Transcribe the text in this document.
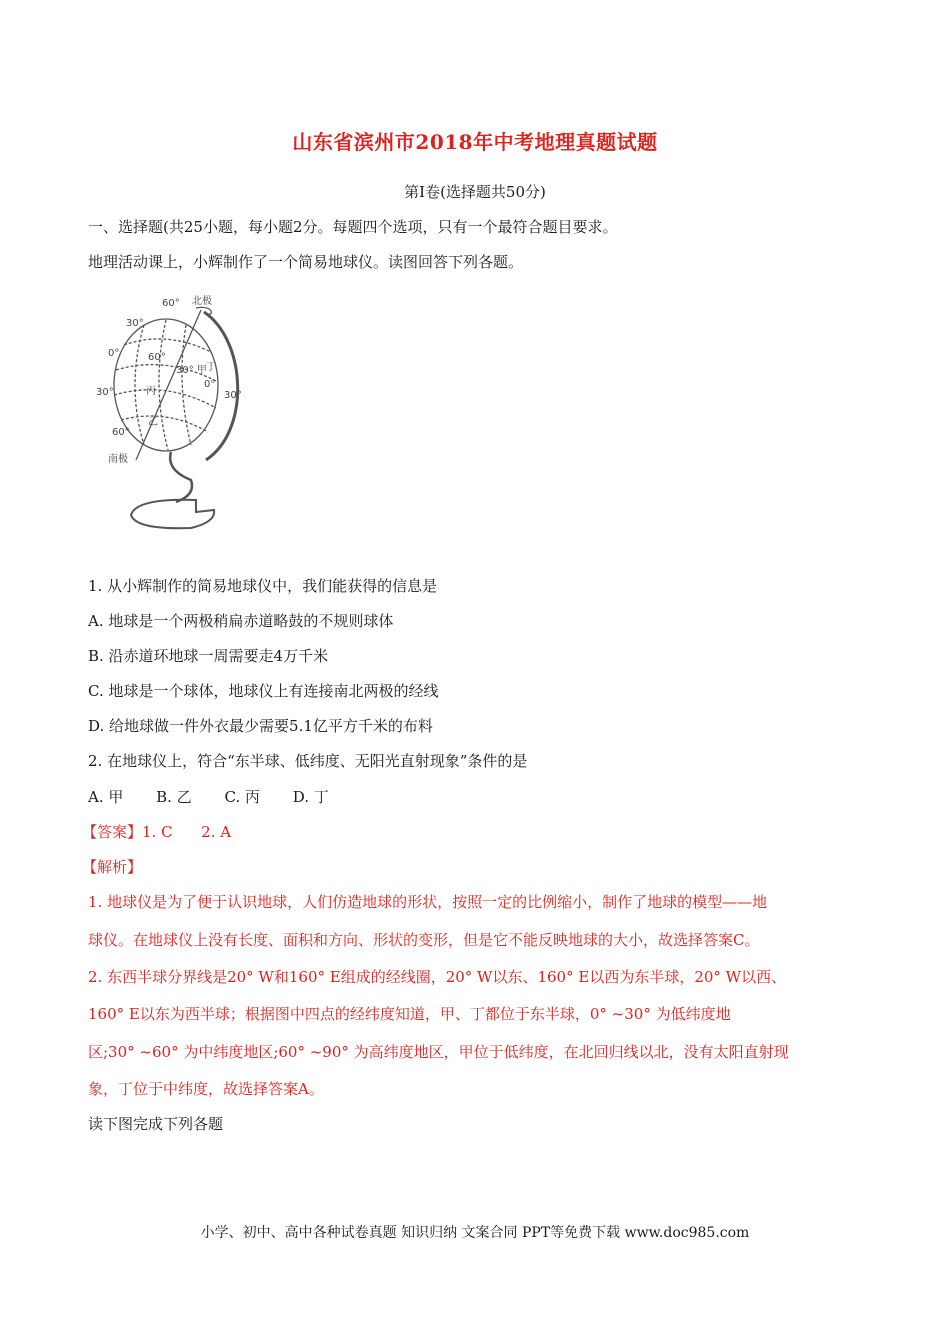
山东省滨州市2018年中考地理真题试题
第Ⅰ卷(选择题共50分)
一、选择题(共25小题，每小题2分。每题四个选项，只有一个最符合题目要求。
地理活动课上，小辉制作了一个简易地球仪。读图回答下列各题。
60° 北极
30°
0°	60°
30° 甲 丁
0°
30°	丙	30°
乙
60°
南极
1. 从小辉制作的简易地球仪中，我们能获得的信息是
A. 地球是一个两极稍扁赤道略鼓的不规则球体
B. 沿赤道环地球一周需要走4万千米
C. 地球是一个球体，地球仪上有连接南北两极的经线
D. 给地球做一件外衣最少需要5.1亿平方千米的布料
2. 在地球仪上，符合“东半球、低纬度、无阳光直射现象”条件的是
A. 甲 B. 乙 C. 丙 D. 丁
【答案】1. C      2. A
【解析】
1. 地球仪是为了便于认识地球，人们仿造地球的形状，按照一定的比例缩小，制作了地球的模型——地
球仪。在地球仪上没有长度、面积和方向、形状的变形，但是它不能反映地球的大小，故选择答案C。
2. 东西半球分界线是20° W和160° E组成的经线圈，20° W以东、160° E以西为东半球，20° W以西、
160° E以东为西半球；根据图中四点的经纬度知道，甲、丁都位于东半球，0° ~30° 为低纬度地
区;30° ~60° 为中纬度地区;60° ~90° 为高纬度地区，甲位于低纬度，在北回归线以北，没有太阳直射现
象，丁位于中纬度，故选择答案A。
读下图完成下列各题
小学、初中、高中各种试卷真题 知识归纳 文案合同 PPT等免费下载 www.doc985.com
